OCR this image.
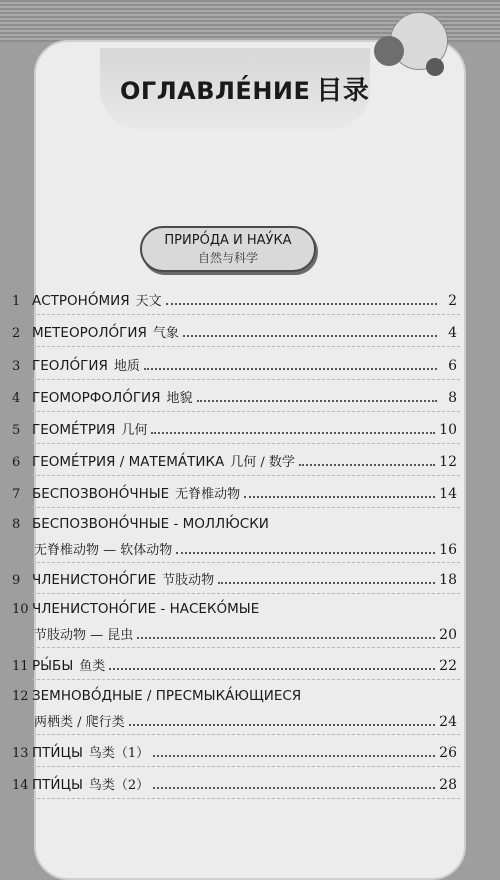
ОГЛАВЛЕ́НИЕ 目录
ПРИРО́ДА И НАУ́КА
自然与科学
1 АСТРОНО́МИЯ 天文	2
2 МЕТЕОРОЛО́ГИЯ 气象	4
3 ГЕОЛО́ГИЯ 地质	6
4 ГЕОМОРФОЛО́ГИЯ 地貌	8
5 ГЕОМЕ́ТРИЯ 几何	10
6 ГЕОМЕ́ТРИЯ / МАТЕМА́ТИКА 几何 / 数学	12
7 БЕСПОЗВОНО́ЧНЫЕ 无脊椎动物	14
8 БЕСПОЗВОНО́ЧНЫЕ - МОЛЛЮ́СКИ
无脊椎动物 — 软体动物	16
9 ЧЛЕНИСТОНО́ГИЕ 节肢动物	18
10 ЧЛЕНИСТОНО́ГИЕ - НАСЕКО́МЫЕ
节肢动物 — 昆虫	20
11 РЫ́БЫ 鱼类	22
12 ЗЕМНОВО́ДНЫЕ / ПРЕСМЫКА́ЮЩИЕСЯ
两栖类 / 爬行类	24
13 ПТИ́ЦЫ 鸟类（1）	26
14 ПТИ́ЦЫ 鸟类（2）	28
